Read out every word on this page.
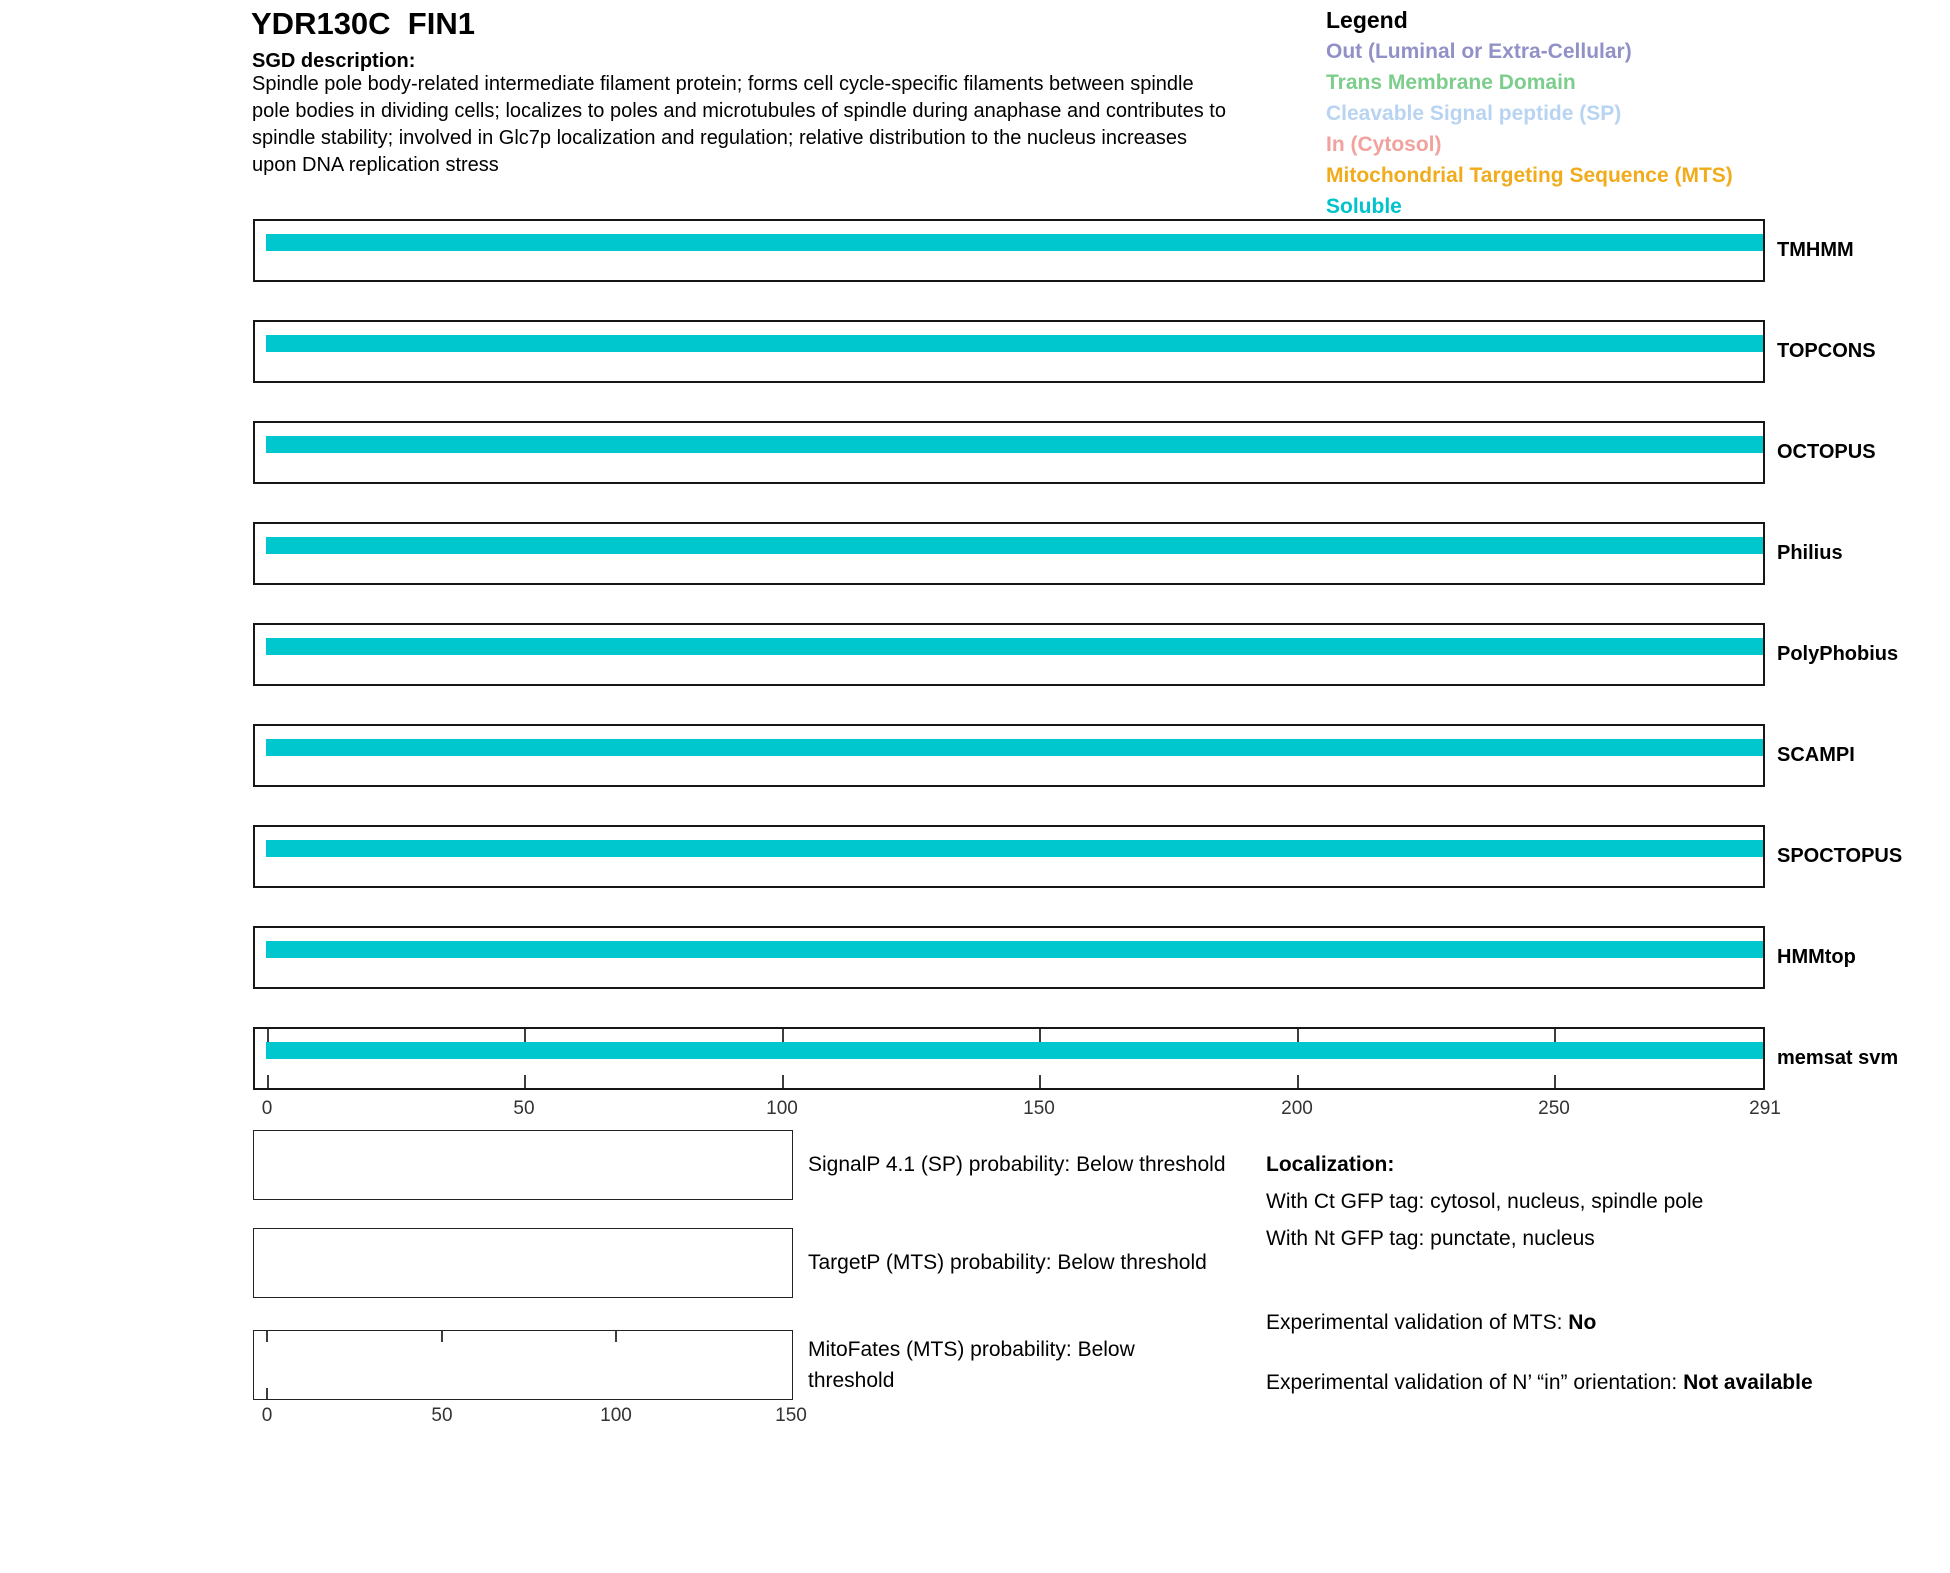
YDR130C  FIN1
SGD description:
Spindle pole body-related intermediate filament protein; forms cell cycle-specific filaments between spindle
pole bodies in dividing cells; localizes to poles and microtubules of spindle during anaphase and contributes to
spindle stability; involved in Glc7p localization and regulation; relative distribution to the nucleus increases
upon DNA replication stress
Legend
Out (Luminal or Extra-Cellular)
Trans Membrane Domain
Cleavable Signal peptide (SP)
In (Cytosol)
Mitochondrial Targeting Sequence (MTS)
Soluble
TMHMM
TOPCONS
OCTOPUS
Philius
PolyPhobius
SCAMPI
SPOCTOPUS
HMMtop
memsat svm
0	50	100	150	200	250	291
SignalP 4.1 (SP) probability: Below threshold
TargetP (MTS) probability: Below threshold
MitoFates (MTS) probability: Below threshold
0	50	100	150
Localization:
With Ct GFP tag: cytosol, nucleus, spindle pole
With Nt GFP tag: punctate, nucleus
Experimental validation of MTS: No
Experimental validation of N’ “in” orientation: Not available
